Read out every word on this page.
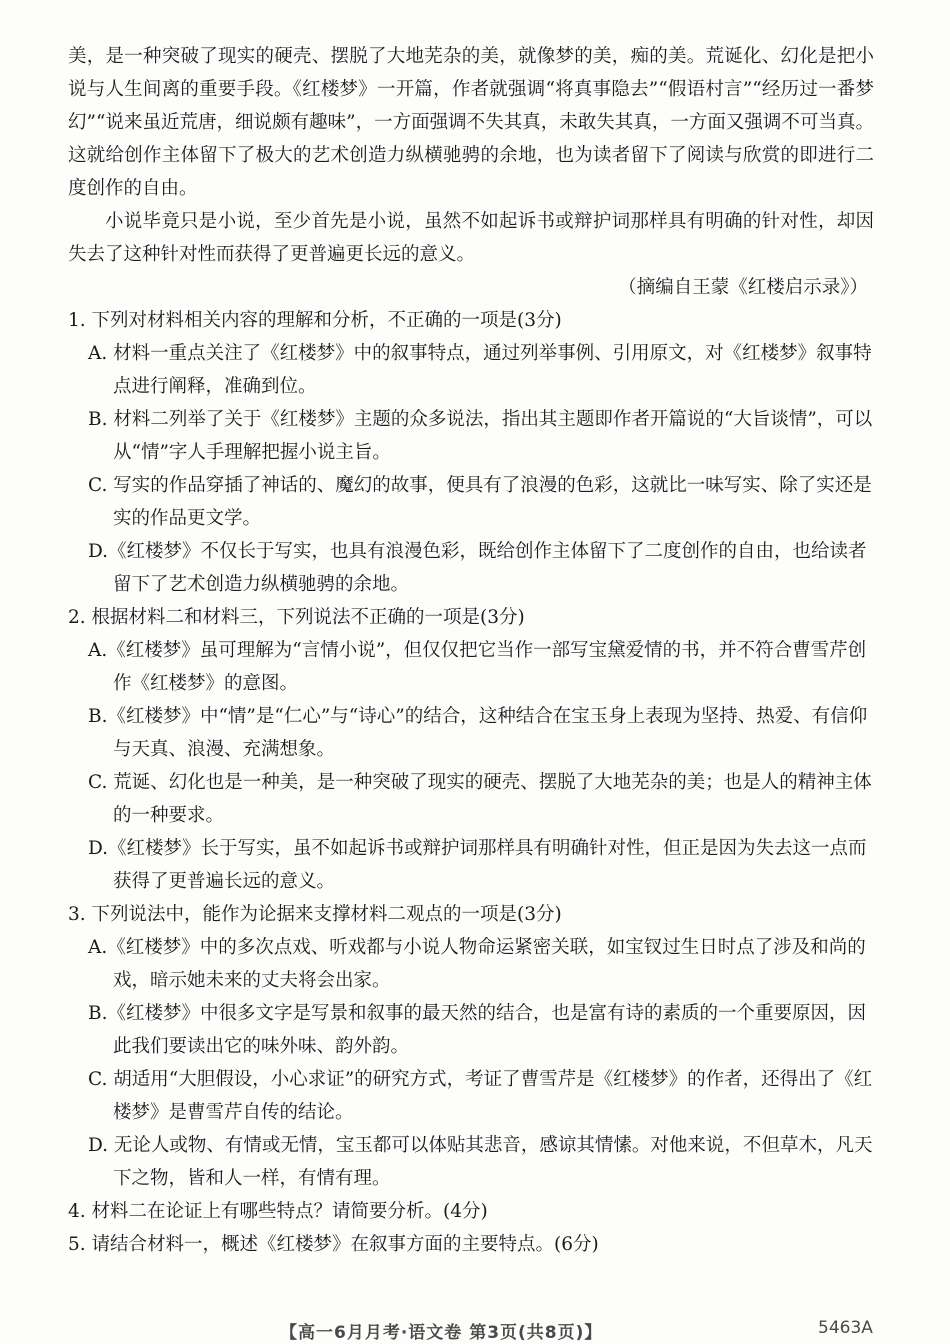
美，是一种突破了现实的硬壳、摆脱了大地芜杂的美，就像梦的美，痴的美。荒诞化、幻化是把小说与人生间离的重要手段。《红楼梦》一开篇，作者就强调“将真事隐去”“假语村言”“经历过一番梦幻”“说来虽近荒唐，细说颇有趣味”，一方面强调不失其真，未敢失其真，一方面又强调不可当真。这就给创作主体留下了极大的艺术创造力纵横驰骋的余地，也为读者留下了阅读与欣赏的即进行二度创作的自由。

小说毕竟只是小说，至少首先是小说，虽然不如起诉书或辩护词那样具有明确的针对性，却因失去了这种针对性而获得了更普遍更长远的意义。

（摘编自王蒙《红楼启示录》）

1. 下列对材料相关内容的理解和分析，不正确的一项是(3分)

A. 材料一重点关注了《红楼梦》中的叙事特点，通过列举事例、引用原文，对《红楼梦》叙事特点进行阐释，准确到位。

B. 材料二列举了关于《红楼梦》主题的众多说法，指出其主题即作者开篇说的“大旨谈情”，可以从“情”字人手理解把握小说主旨。

C. 写实的作品穿插了神话的、魔幻的故事，便具有了浪漫的色彩，这就比一味写实、除了实还是实的作品更文学。

D.《红楼梦》不仅长于写实，也具有浪漫色彩，既给创作主体留下了二度创作的自由，也给读者留下了艺术创造力纵横驰骋的余地。

2. 根据材料二和材料三，下列说法不正确的一项是(3分)

A.《红楼梦》虽可理解为“言情小说”，但仅仅把它当作一部写宝黛爱情的书，并不符合曹雪芹创作《红楼梦》的意图。

B.《红楼梦》中“情”是“仁心”与“诗心”的结合，这种结合在宝玉身上表现为坚持、热爱、有信仰与天真、浪漫、充满想象。

C. 荒诞、幻化也是一种美，是一种突破了现实的硬壳、摆脱了大地芜杂的美；也是人的精神主体的一种要求。

D.《红楼梦》长于写实，虽不如起诉书或辩护词那样具有明确针对性，但正是因为失去这一点而获得了更普遍长远的意义。

3. 下列说法中，能作为论据来支撑材料二观点的一项是(3分)

A.《红楼梦》中的多次点戏、听戏都与小说人物命运紧密关联，如宝钗过生日时点了涉及和尚的戏，暗示她未来的丈夫将会出家。

B.《红楼梦》中很多文字是写景和叙事的最天然的结合，也是富有诗的素质的一个重要原因，因此我们要读出它的味外味、韵外韵。

C. 胡适用“大胆假设，小心求证”的研究方式，考证了曹雪芹是《红楼梦》的作者，还得出了《红楼梦》是曹雪芹自传的结论。

D. 无论人或物、有情或无情，宝玉都可以体贴其悲音，感谅其情愫。对他来说，不但草木，凡天下之物，皆和人一样，有情有理。

4. 材料二在论证上有哪些特点？请简要分析。(4分)

5. 请结合材料一，概述《红楼梦》在叙事方面的主要特点。(6分)

【高一6月月考·语文卷 第3页(共8页)】	5463A
